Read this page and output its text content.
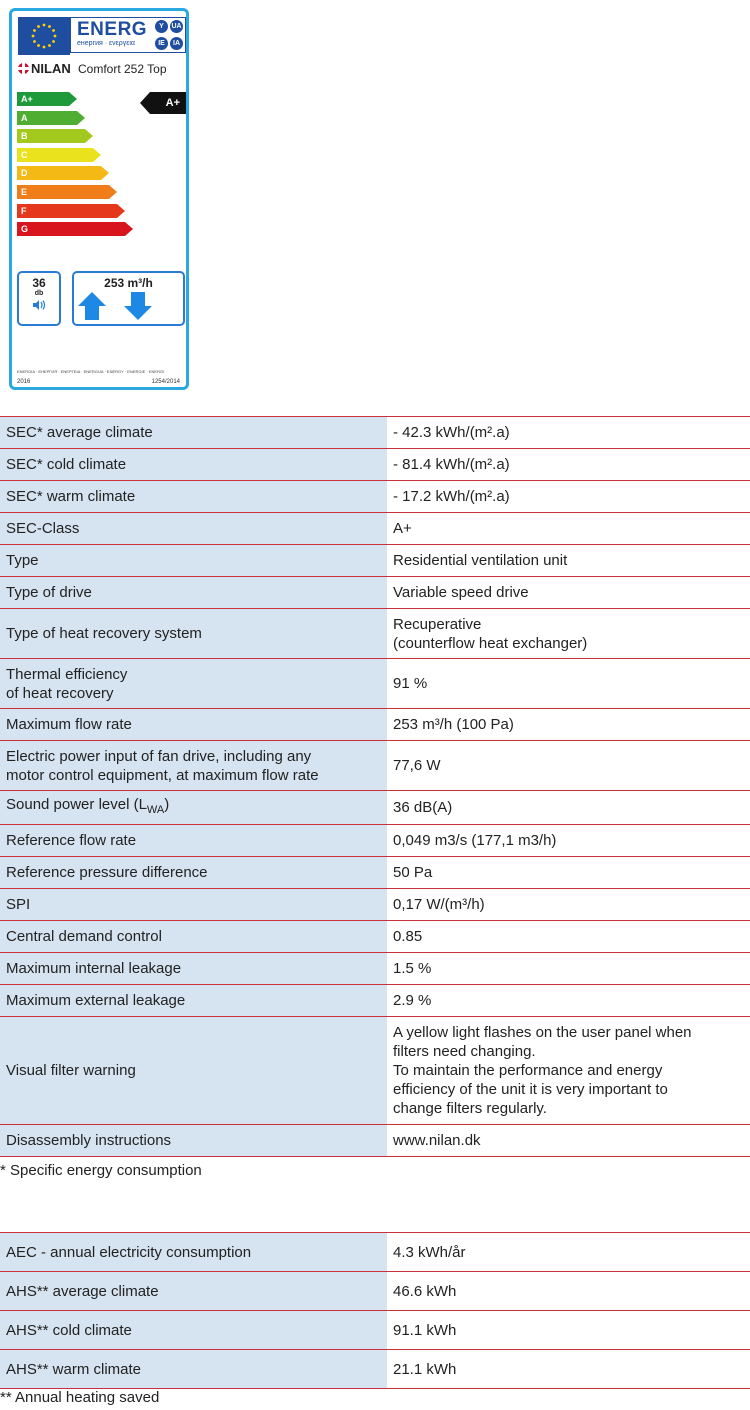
ENERG
енергия · ενεργεια
Y	UA
IE	IA
NILAN Comfort 252 Top
A+
A
B
C
D
E
F
G
A+
36
db
253 m³/h
ENERGIA · ЕНЕРГИЯ · ΕΝΕΡΓΕΙΑ · ENERGIJA · ENERGY · ENERGIE · ENERGI
2016	1254/2014
SEC* average climate	- 42.3 kWh/(m².a)
SEC* cold climate	- 81.4 kWh/(m².a)
SEC* warm climate	- 17.2 kWh/(m².a)
SEC-Class	A+
Type	Residential ventilation unit
Type of drive	Variable speed drive
Type of heat recovery system	Recuperative
(counterflow heat exchanger)
Thermal efficiency
of heat recovery	91 %
Maximum flow rate	253 m³/h (100 Pa)
Electric power input of fan drive, including any
motor control equipment, at maximum flow rate	77,6 W
Sound power level $(L_{WA})$	36 dB(A)
Reference flow rate	0,049 m3/s (177,1 m3/h)
Reference pressure difference	50 Pa
SPI	0,17 W/(m³/h)
Central demand control	0.85
Maximum internal leakage	1.5 %
Maximum external leakage	2.9 %
Visual filter warning	A yellow light flashes on the user panel when
filters need changing.
To maintain the performance and energy
efficiency of the unit it is very important to
change filters regularly.
Disassembly instructions	www.nilan.dk
* Specific energy consumption
AEC - annual electricity consumption	4.3 kWh/år
AHS** average climate	46.6 kWh
AHS** cold climate	91.1 kWh
AHS** warm climate	21.1 kWh
** Annual heating saved
